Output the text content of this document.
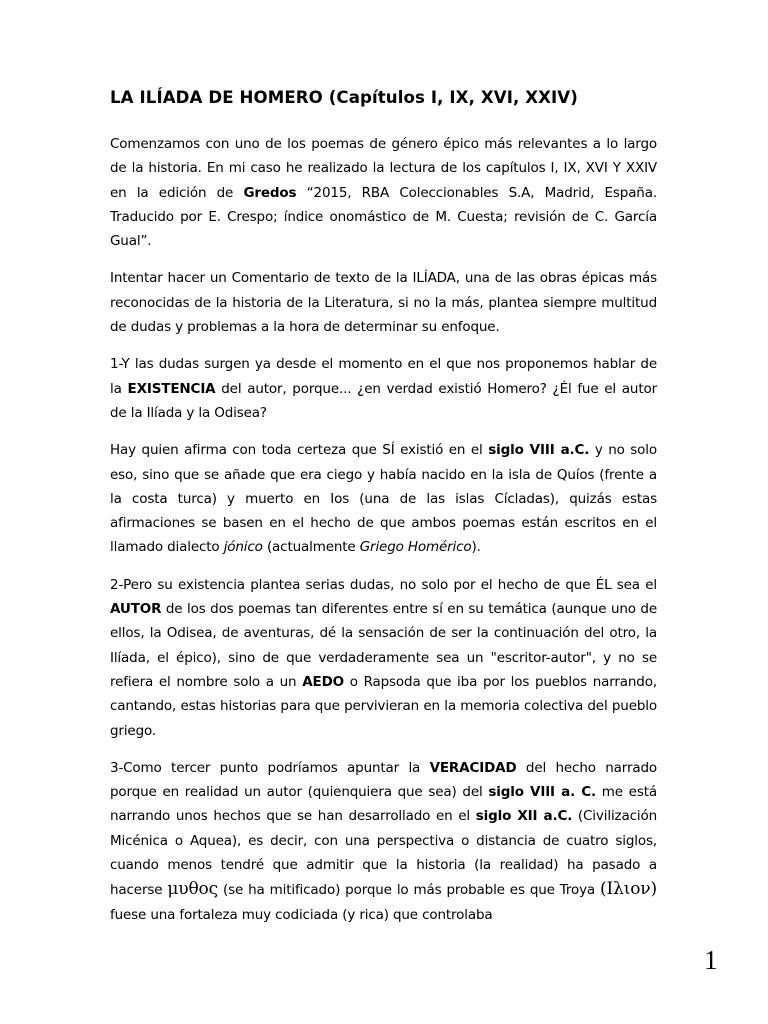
LA ILÍADA DE HOMERO (Capítulos I, IX, XVI, XXIV)

Comenzamos con uno de los poemas de género épico más relevantes a lo largo de la historia. En mi caso he realizado la lectura de los capítulos I, IX, XVI Y XXIV en la edición de Gredos “2015, RBA Coleccionables S.A, Madrid, España. Traducido por E. Crespo; índice onomástico de M. Cuesta; revisión de C. García Gual”.

Intentar hacer un Comentario de texto de la ILÍADA, una de las obras épicas más reconocidas de la historia de la Literatura, si no la más, plantea siempre multitud de dudas y problemas a la hora de determinar su enfoque.

1-Y las dudas surgen ya desde el momento en el que nos proponemos hablar de la EXISTENCIA del autor, porque... ¿en verdad existió Homero? ¿Él fue el autor de la Ilíada y la Odisea?

Hay quien afirma con toda certeza que SÍ existió en el siglo VIII a.C. y no solo eso, sino que se añade que era ciego y había nacido en la isla de Quíos (frente a la costa turca) y muerto en Ios (una de las islas Cícladas), quizás estas afirmaciones se basen en el hecho de que ambos poemas están escritos en el llamado dialecto jónico (actualmente Griego Homérico).

2-Pero su existencia plantea serias dudas, no solo por el hecho de que ÉL sea el AUTOR de los dos poemas tan diferentes entre sí en su temática (aunque uno de ellos, la Odisea, de aventuras, dé la sensación de ser la continuación del otro, la Ilíada, el épico), sino de que verdaderamente sea un "escritor-autor", y no se refiera el nombre solo a un AEDO o Rapsoda que iba por los pueblos narrando, cantando, estas historias para que pervivieran en la memoria colectiva del pueblo griego.

3-Como tercer punto podríamos apuntar la VERACIDAD del hecho narrado porque en realidad un autor (quienquiera que sea) del siglo VIII a. C. me está narrando unos hechos que se han desarrollado en el siglo XII a.C. (Civilización Micénica o Aquea), es decir, con una perspectiva o distancia de cuatro siglos, cuando menos tendré que admitir que la historia (la realidad) ha pasado a hacerse μυθος (se ha mitificado) porque lo más probable es que Troya (Ιλιον) fuese una fortaleza muy codiciada (y rica) que controlaba

1
